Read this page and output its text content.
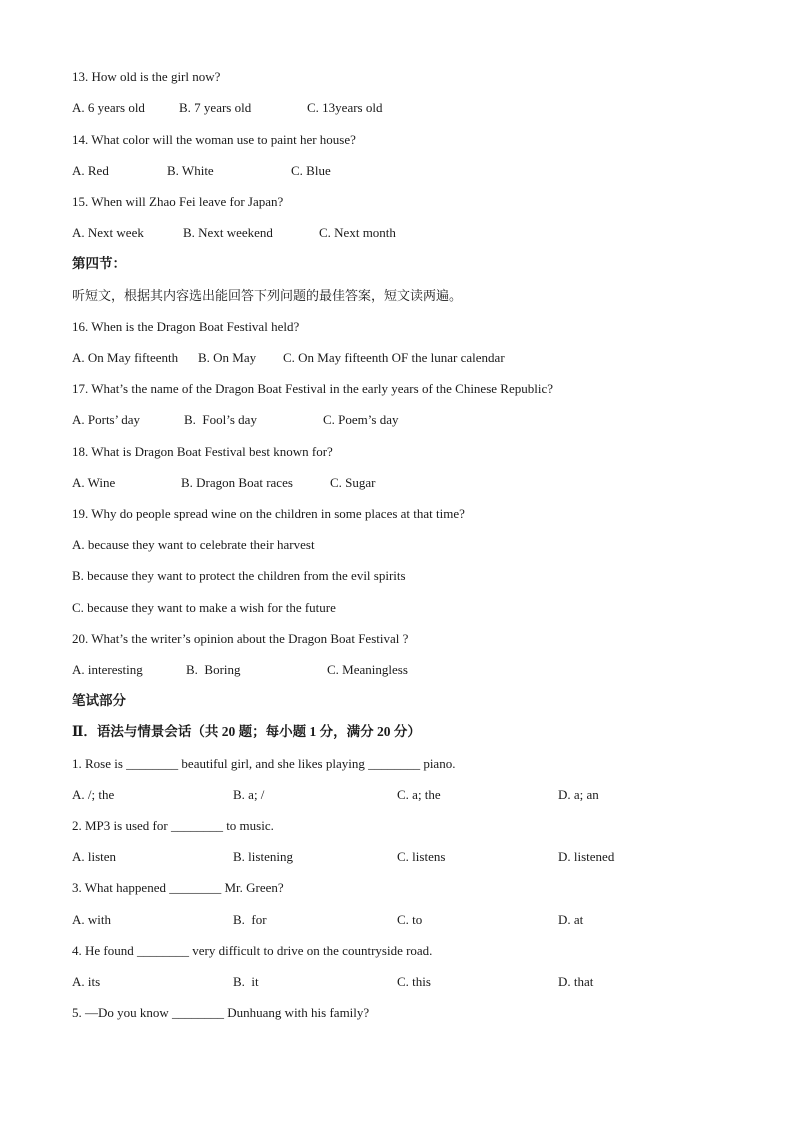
13. How old is the girl now?
A. 6 years old	B. 7 years old	C. 13years old
14. What color will the woman use to paint her house?
A. Red	B. White	C. Blue
15. When will Zhao Fei leave for Japan?
A. Next week	B. Next weekend	C. Next month
第四节：
听短文，根据其内容选出能回答下列问题的最佳答案，短文读两遍。
16. When is the Dragon Boat Festival held?
A. On May fifteenth B. On May C. On May fifteenth OF the lunar calendar
17. What’s the name of the Dragon Boat Festival in the early years of the Chinese Republic?
A. Ports’ day	B.  Fool’s day	C. Poem’s day
18. What is Dragon Boat Festival best known for?
A. Wine	B. Dragon Boat races	C. Sugar
19. Why do people spread wine on the children in some places at that time?
A. because they want to celebrate their harvest
B. because they want to protect the children from the evil spirits
C. because they want to make a wish for the future
20. What’s the writer’s opinion about the Dragon Boat Festival ?
A. interesting	B.  Boring	C. Meaningless
笔试部分
Ⅱ．语法与情景会话（共 20 题；每小题 1 分，满分 20 分）
1. Rose is ________ beautiful girl, and she likes playing ________ piano.
A. /; the	B. a; /	C. a; the	D. a; an
2. MP3 is used for ________ to music.
A. listen	B. listening	C. listens	D. listened
3. What happened ________ Mr. Green?
A. with	B.  for	C. to	D. at
4. He found ________ very difficult to drive on the countryside road.
A. its	B.  it	C. this	D. that
5. —Do you know ________ Dunhuang with his family?
